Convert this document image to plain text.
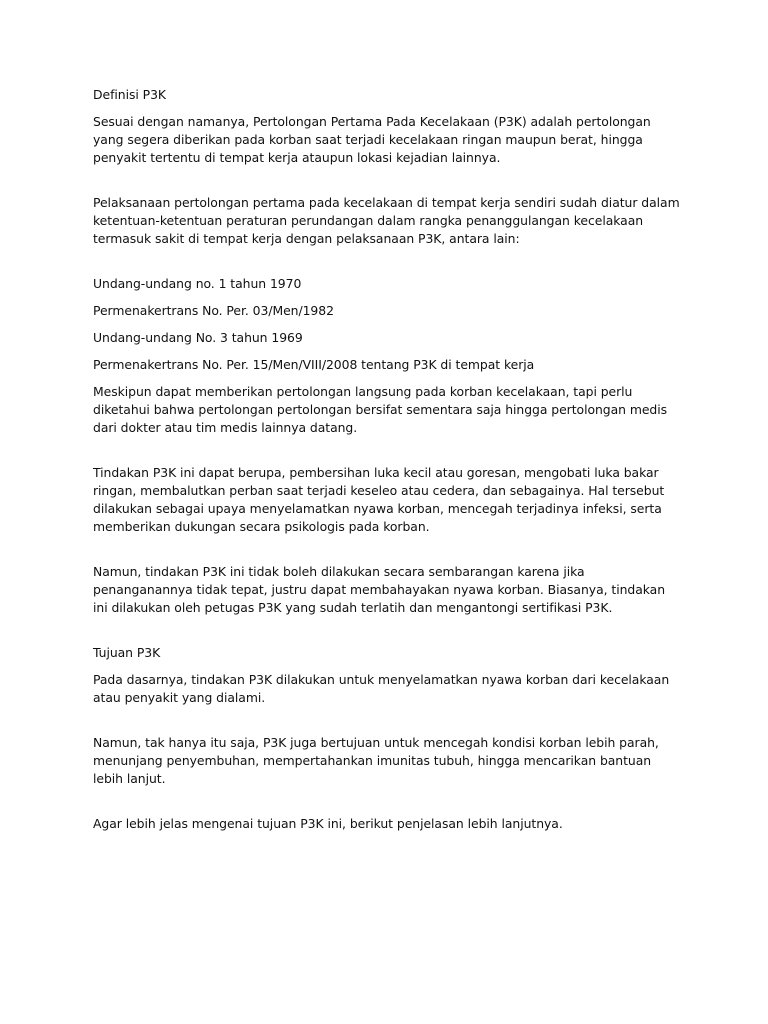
Definisi P3K

Sesuai dengan namanya, Pertolongan Pertama Pada Kecelakaan (P3K) adalah pertolongan yang segera diberikan pada korban saat terjadi kecelakaan ringan maupun berat, hingga penyakit tertentu di tempat kerja ataupun lokasi kejadian lainnya.

Pelaksanaan pertolongan pertama pada kecelakaan di tempat kerja sendiri sudah diatur dalam ketentuan-ketentuan peraturan perundangan dalam rangka penanggulangan kecelakaan termasuk sakit di tempat kerja dengan pelaksanaan P3K, antara lain:

Undang-undang no. 1 tahun 1970

Permenakertrans No. Per. 03/Men/1982

Undang-undang No. 3 tahun 1969

Permenakertrans No. Per. 15/Men/VIII/2008 tentang P3K di tempat kerja

Meskipun dapat memberikan pertolongan langsung pada korban kecelakaan, tapi perlu diketahui bahwa pertolongan pertolongan bersifat sementara saja hingga pertolongan medis dari dokter atau tim medis lainnya datang.

Tindakan P3K ini dapat berupa, pembersihan luka kecil atau goresan, mengobati luka bakar ringan, membalutkan perban saat terjadi keseleo atau cedera, dan sebagainya. Hal tersebut dilakukan sebagai upaya menyelamatkan nyawa korban, mencegah terjadinya infeksi, serta memberikan dukungan secara psikologis pada korban.

Namun, tindakan P3K ini tidak boleh dilakukan secara sembarangan karena jika penanganannya tidak tepat, justru dapat membahayakan nyawa korban. Biasanya, tindakan ini dilakukan oleh petugas P3K yang sudah terlatih dan mengantongi sertifikasi P3K.

Tujuan P3K

Pada dasarnya, tindakan P3K dilakukan untuk menyelamatkan nyawa korban dari kecelakaan atau penyakit yang dialami.

Namun, tak hanya itu saja, P3K juga bertujuan untuk mencegah kondisi korban lebih parah, menunjang penyembuhan, mempertahankan imunitas tubuh, hingga mencarikan bantuan lebih lanjut.

Agar lebih jelas mengenai tujuan P3K ini, berikut penjelasan lebih lanjutnya.
